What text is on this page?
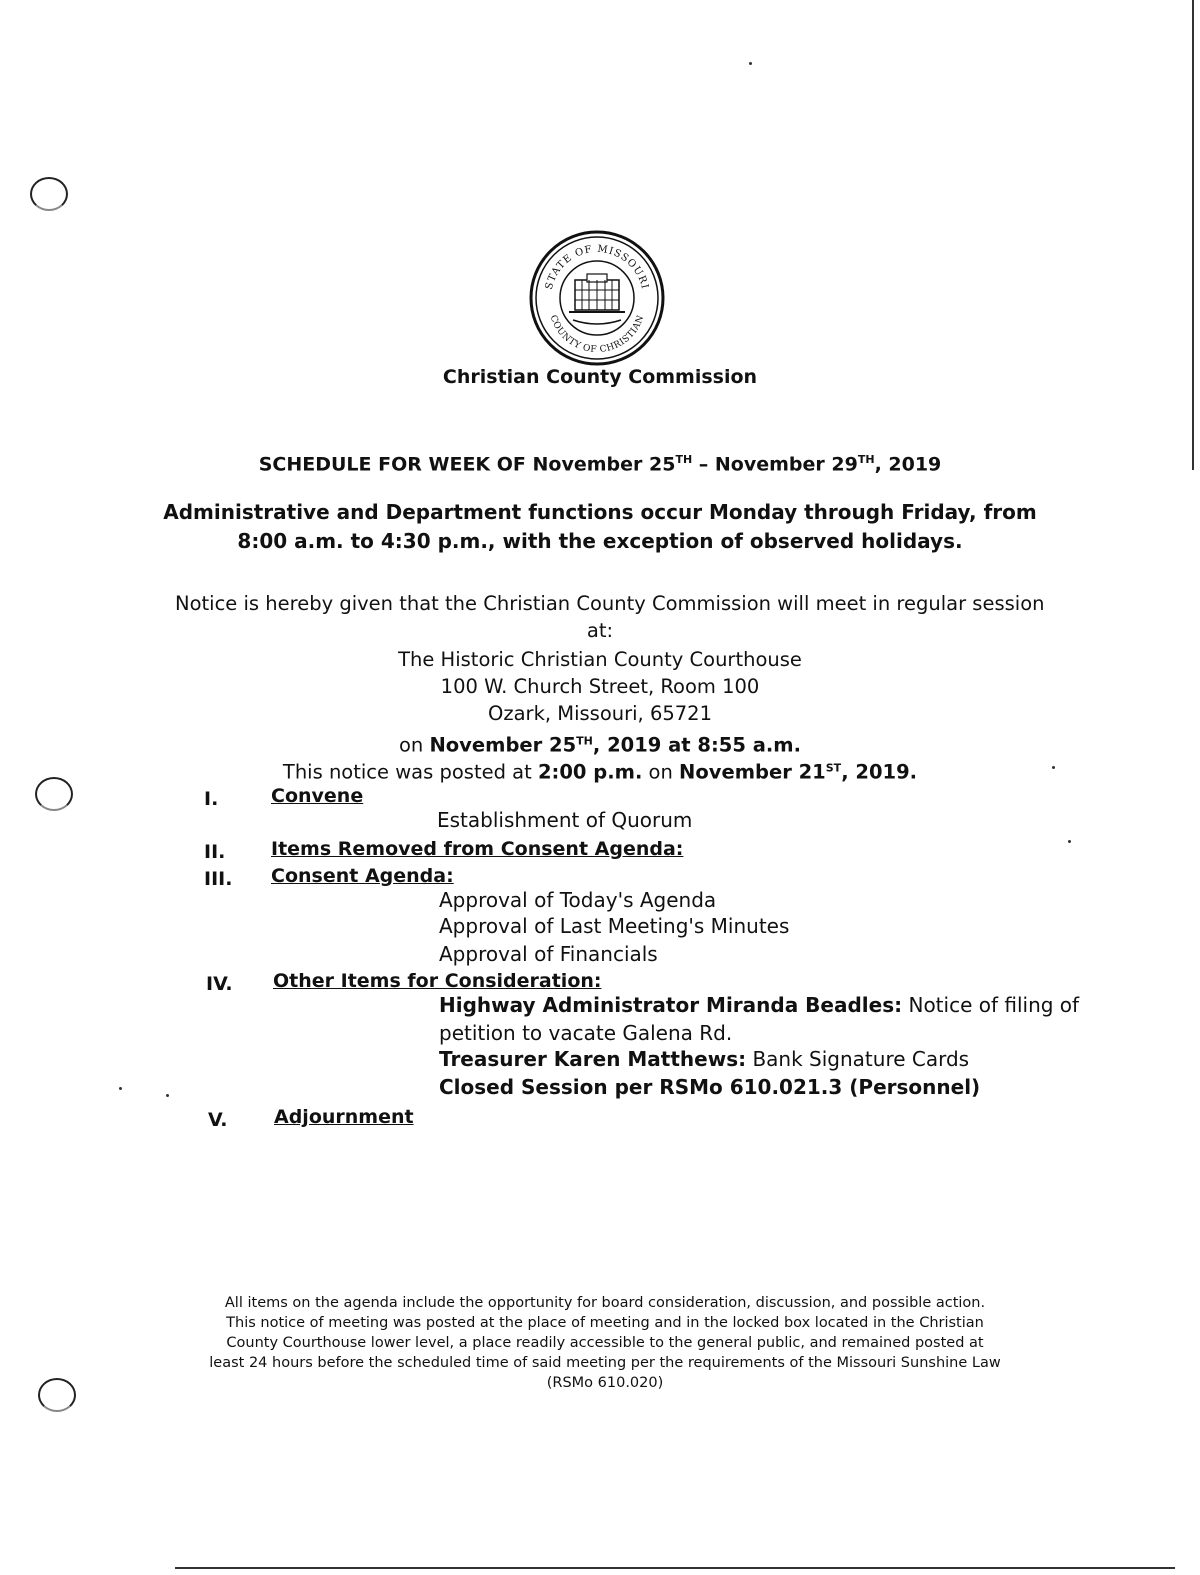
STATE OF MISSOURI
COUNTY OF CHRISTIAN
Christian County Commission
SCHEDULE FOR WEEK OF November 25TH – November 29TH, 2019
Administrative and Department functions occur Monday through Friday, from
8:00 a.m. to 4:30 p.m., with the exception of observed holidays.
Notice is hereby given that the Christian County Commission will meet in regular session
at:
The Historic Christian County Courthouse
100 W. Church Street, Room 100
Ozark, Missouri, 65721
on November 25TH, 2019 at 8:55 a.m.
This notice was posted at 2:00 p.m. on November 21ST, 2019.
I.	Convene
Establishment of Quorum
II. Items Removed from Consent Agenda:
III. Consent Agenda:
Approval of Today's Agenda
Approval of Last Meeting's Minutes
Approval of Financials
IV. Other Items for Consideration:
Highway Administrator Miranda Beadles: Notice of filing of
petition to vacate Galena Rd.
Treasurer Karen Matthews: Bank Signature Cards
Closed Session per RSMo 610.021.3 (Personnel)
V. Adjournment
All items on the agenda include the opportunity for board consideration, discussion, and possible action.
This notice of meeting was posted at the place of meeting and in the locked box located in the Christian
County Courthouse lower level, a place readily accessible to the general public, and remained posted at
least 24 hours before the scheduled time of said meeting per the requirements of the Missouri Sunshine Law
(RSMo 610.020)
